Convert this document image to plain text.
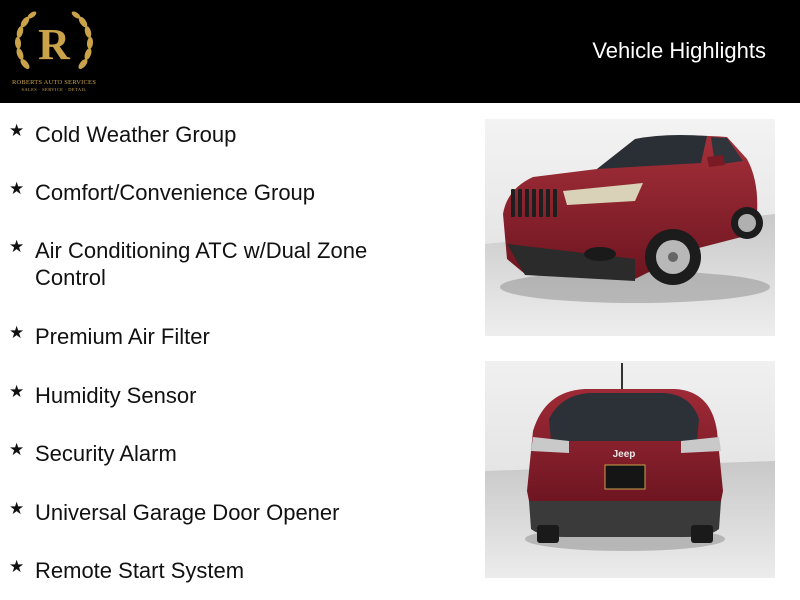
R
ROBERTS AUTO SERVICES
SALES · SERVICE · DETAIL
Vehicle Highlights
★ Cold Weather Group
★ Comfort/Convenience Group
★ Air Conditioning ATC w/Dual Zone Control
★ Premium Air Filter
★ Humidity Sensor
★ Security Alarm
★ Universal Garage Door Opener
★ Remote Start System
Jeep
